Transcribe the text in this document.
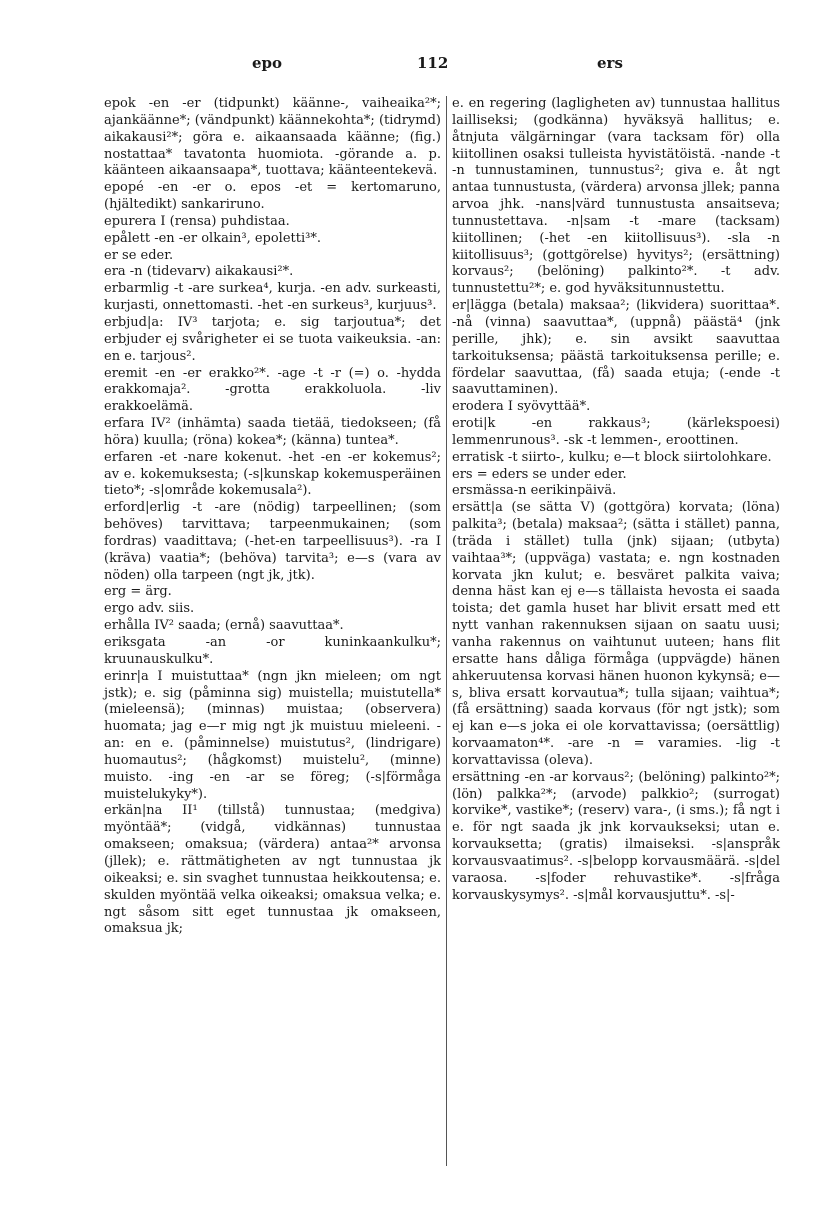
epo	112	ers

epok -en -er (tidpunkt) käänne-, vaiheaika²*; ajankäänne*; (vändpunkt) käännekohta*; (tidrymd) aikakausi²*; göra e. aikaansaada käänne; (fig.) nostattaa* tavatonta huomiota. -görande a. p. käänteen aikaansaapa*, tuottava; käänteentekevä.

epopé -en -er o. epos -et = kertomaruno, (hjältedikt) sankariruno.

epurera I (rensa) puhdistaa.

epålett -en -er olkain³, epoletti³*.

er se eder.

era -n (tidevarv) aikakausi²*.

erbarmlig -t -are surkea⁴, kurja. -en adv. surkeasti, kurjasti, onnettomasti. -het -en surkeus³, kurjuus³.

erbjud|a: IV³ tarjota; e. sig tarjoutua*; det erbjuder ej svårigheter ei se tuota vaikeuksia. -an: en e. tarjous².

eremit -en -er erakko²*. -age -t -r (=) o. -hydda erakkomaja². -grotta erakkoluola. -liv erakkoelämä.

erfara IV² (inhämta) saada tietää, tiedokseen; (få höra) kuulla; (röna) kokea*; (känna) tuntea*.

erfaren -et -nare kokenut. -het -en -er kokemus²; av e. kokemuksesta; (-s|kunskap kokemusperäinen tieto*; -s|område kokemusala²).

erford|erlig -t -are (nödig) tarpeellinen; (som behöves) tarvittava; tarpeenmukainen; (som fordras) vaadittava; (-het-en tarpeellisuus³). -ra I (kräva) vaatia*; (behöva) tarvita³; e—s (vara av nöden) olla tarpeen (ngt jk, jtk).

erg = ärg.

ergo adv. siis.

erhålla IV² saada; (ernå) saavuttaa*.

eriksgata -an -or kuninkaankulku*; kruunauskulku*.

erinr|a I muistuttaa* (ngn jkn mieleen; om ngt jstk); e. sig (påminna sig) muistella; muistutella* (mieleensä); (minnas) muistaa; (observera) huomata; jag e—r mig ngt jk muistuu mieleeni. -an: en e. (påminnelse) muistutus², (lindrigare) huomautus²; (hågkomst) muistelu², (minne) muisto. -ing -en -ar se föreg; (-s|förmåga muistelukyky*).

erkän|na II¹ (tillstå) tunnustaa; (medgiva) myöntää*; (vidgå, vidkännas) tunnustaa omakseen; omaksua; (värdera) antaa²* arvonsa (jllek); e. rättmätigheten av ngt tunnustaa jk oikeaksi; e. sin svaghet tunnustaa heikkoutensa; e. skulden myöntää velka oikeaksi; omaksua velka; e. ngt såsom sitt eget tunnustaa jk omakseen, omaksua jk;

e. en regering (lagligheten av) tunnustaa hallitus lailliseksi; (godkänna) hyväksyä hallitus; e. åtnjuta välgärningar (vara tacksam för) olla kiitollinen osaksi tulleista hyvistätöistä. -nande -t -n tunnustaminen, tunnustus²; giva e. åt ngt antaa tunnustusta, (värdera) arvonsa jllek; panna arvoa jhk. -nans|värd tunnustusta ansaitseva; tunnustettava. -n|sam -t -mare (tacksam) kiitollinen; (-het -en kiitollisuus³). -sla -n kiitollisuus³; (gottgörelse) hyvitys²; (ersättning) korvaus²; (belöning) palkinto²*. -t adv. tunnustettu²*; e. god hyväksitunnustettu.

er|lägga (betala) maksaa²; (likvidera) suorittaa*. -nå (vinna) saavuttaa*, (uppnå) päästä⁴ (jnk perille, jhk); e. sin avsikt saavuttaa tarkoituksensa; päästä tarkoituksensa perille; e. fördelar saavuttaa, (få) saada etuja; (-ende -t saavuttaminen).

erodera I syövyttää*.

eroti|k -en rakkaus³; (kärlekspoesi) lemmenrunous³. -sk -t lemmen-, eroottinen.

erratisk -t siirto-, kulku; e—t block siirtolohkare.

ers = eders se under eder.

ersmässa-n eerikinpäivä.

ersätt|a (se sätta V) (gottgöra) korvata; (löna) palkita³; (betala) maksaa²; (sätta i stället) panna, (träda i stället) tulla (jnk) sijaan; (utbyta) vaihtaa³*; (uppväga) vastata; e. ngn kostnaden korvata jkn kulut; e. besväret palkita vaiva; denna häst kan ej e—s tällaista hevosta ei saada toista; det gamla huset har blivit ersatt med ett nytt vanhan rakennuksen sijaan on saatu uusi; vanha rakennus on vaihtunut uuteen; hans flit ersatte hans dåliga förmåga (uppvägde) hänen ahkeruutensa korvasi hänen huonon kykynsä; e—s, bliva ersatt korvautua*; tulla sijaan; vaihtua*; (få ersättning) saada korvaus (för ngt jstk); som ej kan e—s joka ei ole korvattavissa; (oersättlig) korvaamaton⁴*. -are -n = varamies. -lig -t korvattavissa (oleva).

ersättning -en -ar korvaus²; (belöning) palkinto²*; (lön) palkka²*; (arvode) palkkio²; (surrogat) korvike*, vastike*; (reserv) vara-, (i sms.); få ngt i e. för ngt saada jk jnk korvaukseksi; utan e. korvauksetta; (gratis) ilmaiseksi. -s|anspråk korvausvaatimus². -s|belopp korvausmäärä. -s|del varaosa. -s|foder rehuvastike*. -s|fråga korvauskysymys². -s|mål korvausjuttu*. -s|-
